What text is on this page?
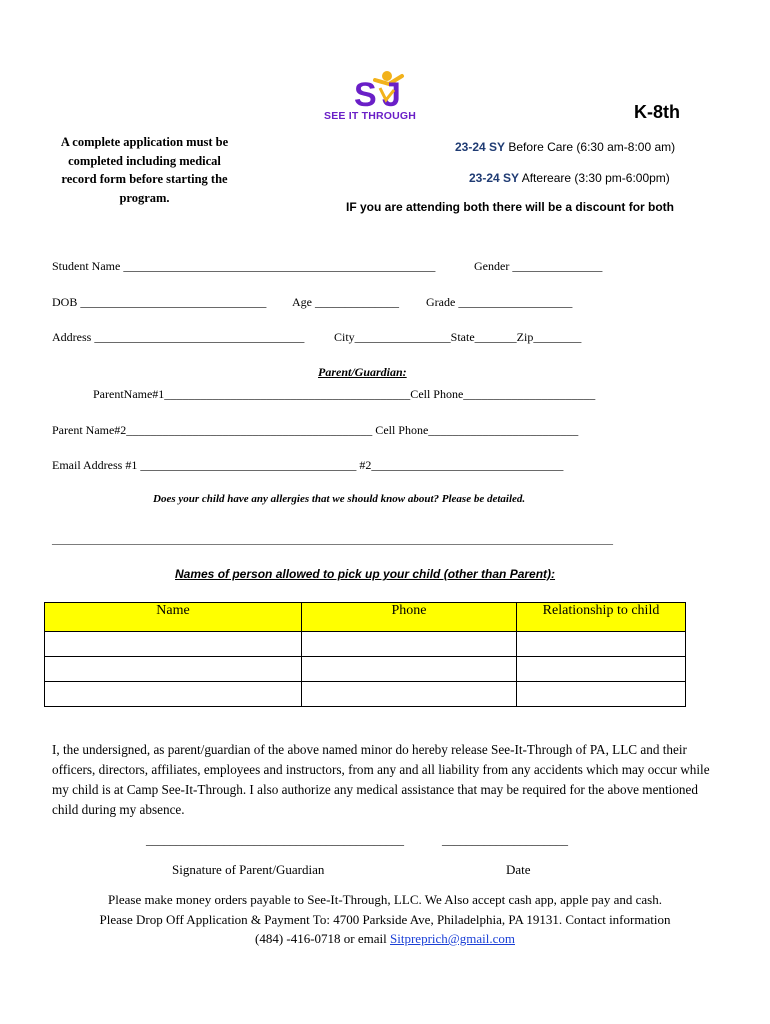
S J
SEE IT THROUGH	K-8th
A complete application must be completed including medical record form before starting the program.
23-24 SY Before Care (6:30 am-8:00 am)
23-24 SY Aftereare (3:30 pm-6:00pm)
IF you are attending both there will be a discount for both
Student Name ____________________________________________________	Gender _______________
DOB _______________________________ Age ______________ Grade ___________________
Address ___________________________________ City________________State_______Zip________
Parent/Guardian:
ParentName#1_________________________________________Cell Phone______________________
Parent Name#2_________________________________________ Cell Phone_________________________
Email Address #1 ____________________________________ #2________________________________
Does your child have any allergies that we should know about? Please be detailed.
______________________________________________________________________________________________________
Names of person allowed to pick up your child (other than Parent):
Name	Phone	Relationship to child

I, the undersigned, as parent/guardian of the above named minor do hereby release See-It-Through of PA, LLC and their officers, directors, affiliates, employees and instructors, from any and all liability from any accidents which may occur while my child is at Camp See-It-Through. I also authorize any medical assistance that may be required for the above mentioned child during my absence.
___________________________________________	_____________________
Signature of Parent/Guardian	Date
Please make money orders payable to See-It-Through, LLC. We Also accept cash app, apple pay and cash.
Please Drop Off Application & Payment To: 4700 Parkside Ave, Philadelphia, PA 19131. Contact information
(484) -416-0718 or email Sitpreprich@gmail.com
